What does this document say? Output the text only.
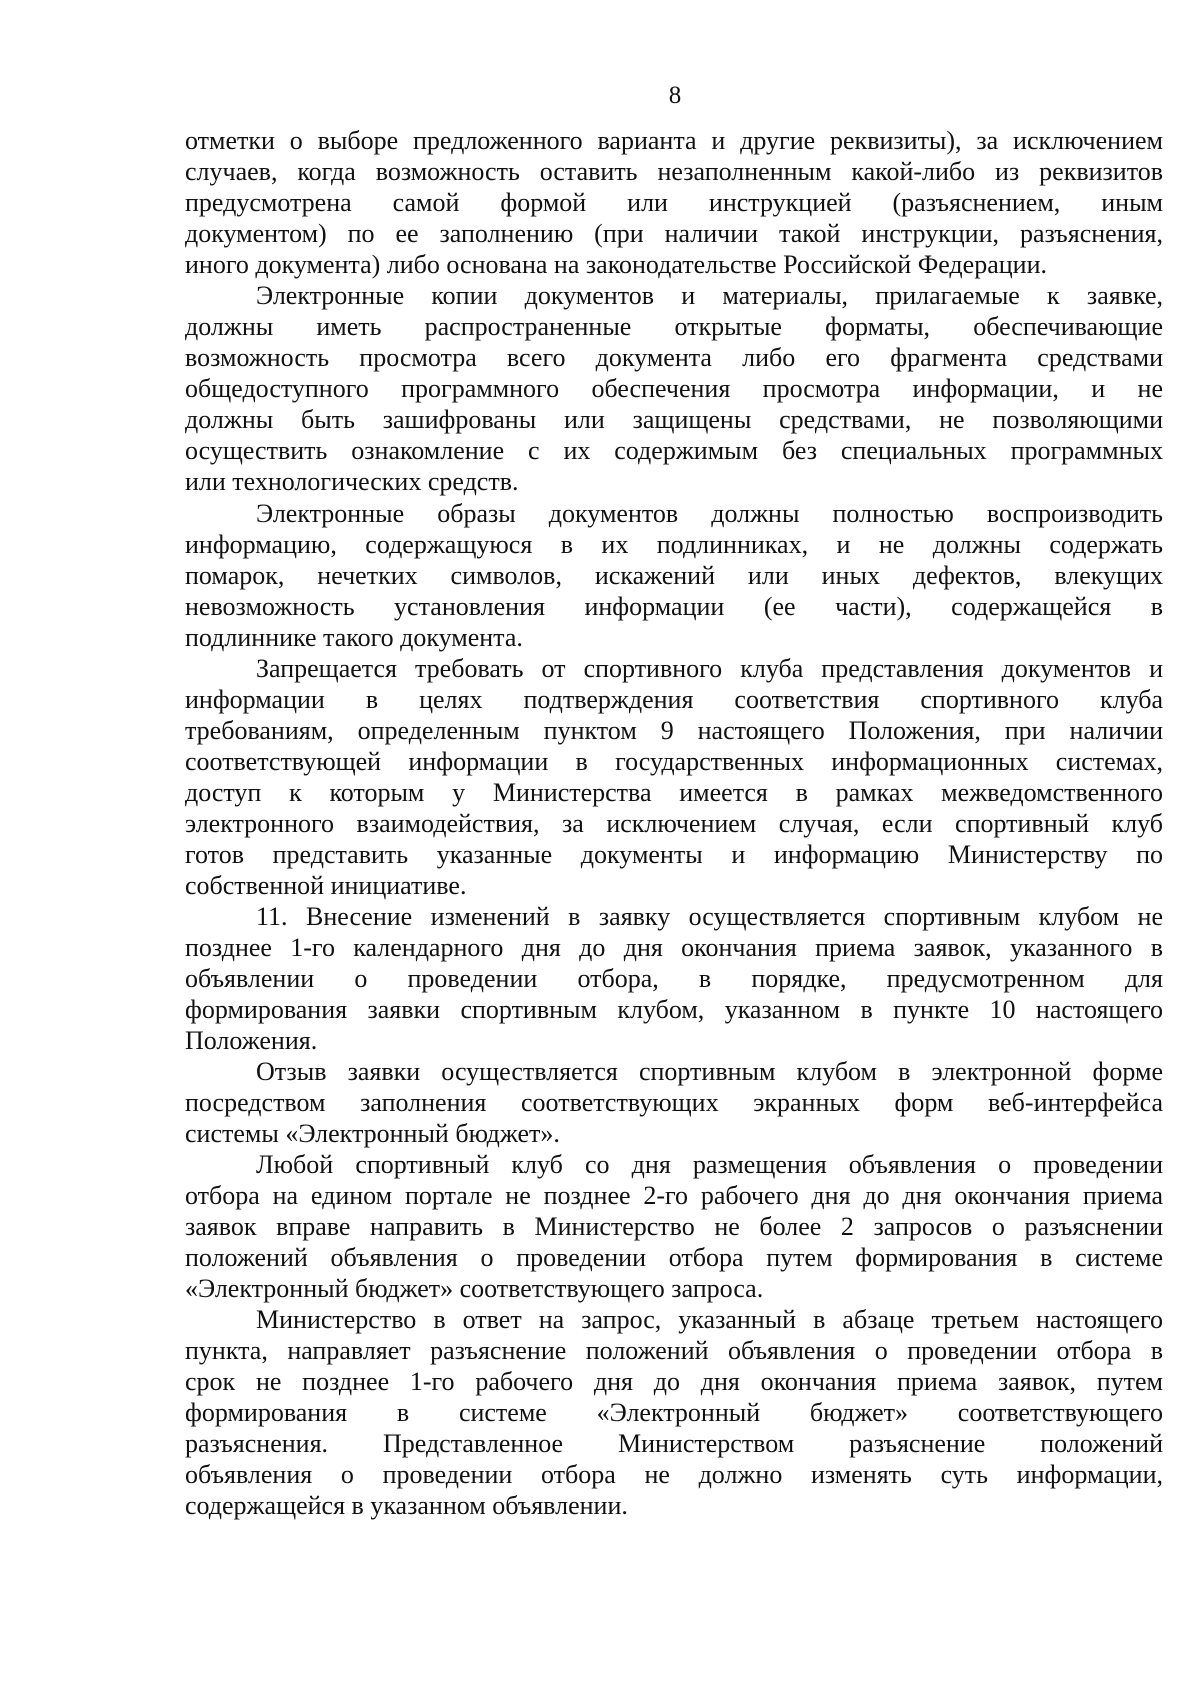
8
отметки о выборе предложенного варианта и другие реквизиты), за исключением
случаев, когда возможность оставить незаполненным какой-либо из реквизитов
предусмотрена самой формой или инструкцией (разъяснением, иным
документом) по ее заполнению (при наличии такой инструкции, разъяснения,
иного документа) либо основана на законодательстве Российской Федерации.
Электронные копии документов и материалы, прилагаемые к заявке,
должны иметь распространенные открытые форматы, обеспечивающие
возможность просмотра всего документа либо его фрагмента средствами
общедоступного программного обеспечения просмотра информации, и не
должны быть зашифрованы или защищены средствами, не позволяющими
осуществить ознакомление с их содержимым без специальных программных
или технологических средств.
Электронные образы документов должны полностью воспроизводить
информацию, содержащуюся в их подлинниках, и не должны содержать
помарок, нечетких символов, искажений или иных дефектов, влекущих
невозможность установления информации (ее части), содержащейся в
подлиннике такого документа.
Запрещается требовать от спортивного клуба представления документов и
информации в целях подтверждения соответствия спортивного клуба
требованиям, определенным пунктом 9 настоящего Положения, при наличии
соответствующей информации в государственных информационных системах,
доступ к которым у Министерства имеется в рамках межведомственного
электронного взаимодействия, за исключением случая, если спортивный клуб
готов представить указанные документы и информацию Министерству по
собственной инициативе.
11. Внесение изменений в заявку осуществляется спортивным клубом не
позднее 1-го календарного дня до дня окончания приема заявок, указанного в
объявлении о проведении отбора, в порядке, предусмотренном для
формирования заявки спортивным клубом, указанном в пункте 10 настоящего
Положения.
Отзыв заявки осуществляется спортивным клубом в электронной форме
посредством заполнения соответствующих экранных форм веб-интерфейса
системы «Электронный бюджет».
Любой спортивный клуб со дня размещения объявления о проведении
отбора на едином портале не позднее 2-го рабочего дня до дня окончания приема
заявок вправе направить в Министерство не более 2 запросов о разъяснении
положений объявления о проведении отбора путем формирования в системе
«Электронный бюджет» соответствующего запроса.
Министерство в ответ на запрос, указанный в абзаце третьем настоящего
пункта, направляет разъяснение положений объявления о проведении отбора в
срок не позднее 1-го рабочего дня до дня окончания приема заявок, путем
формирования в системе «Электронный бюджет» соответствующего
разъяснения. Представленное Министерством разъяснение положений
объявления о проведении отбора не должно изменять суть информации,
содержащейся в указанном объявлении.
